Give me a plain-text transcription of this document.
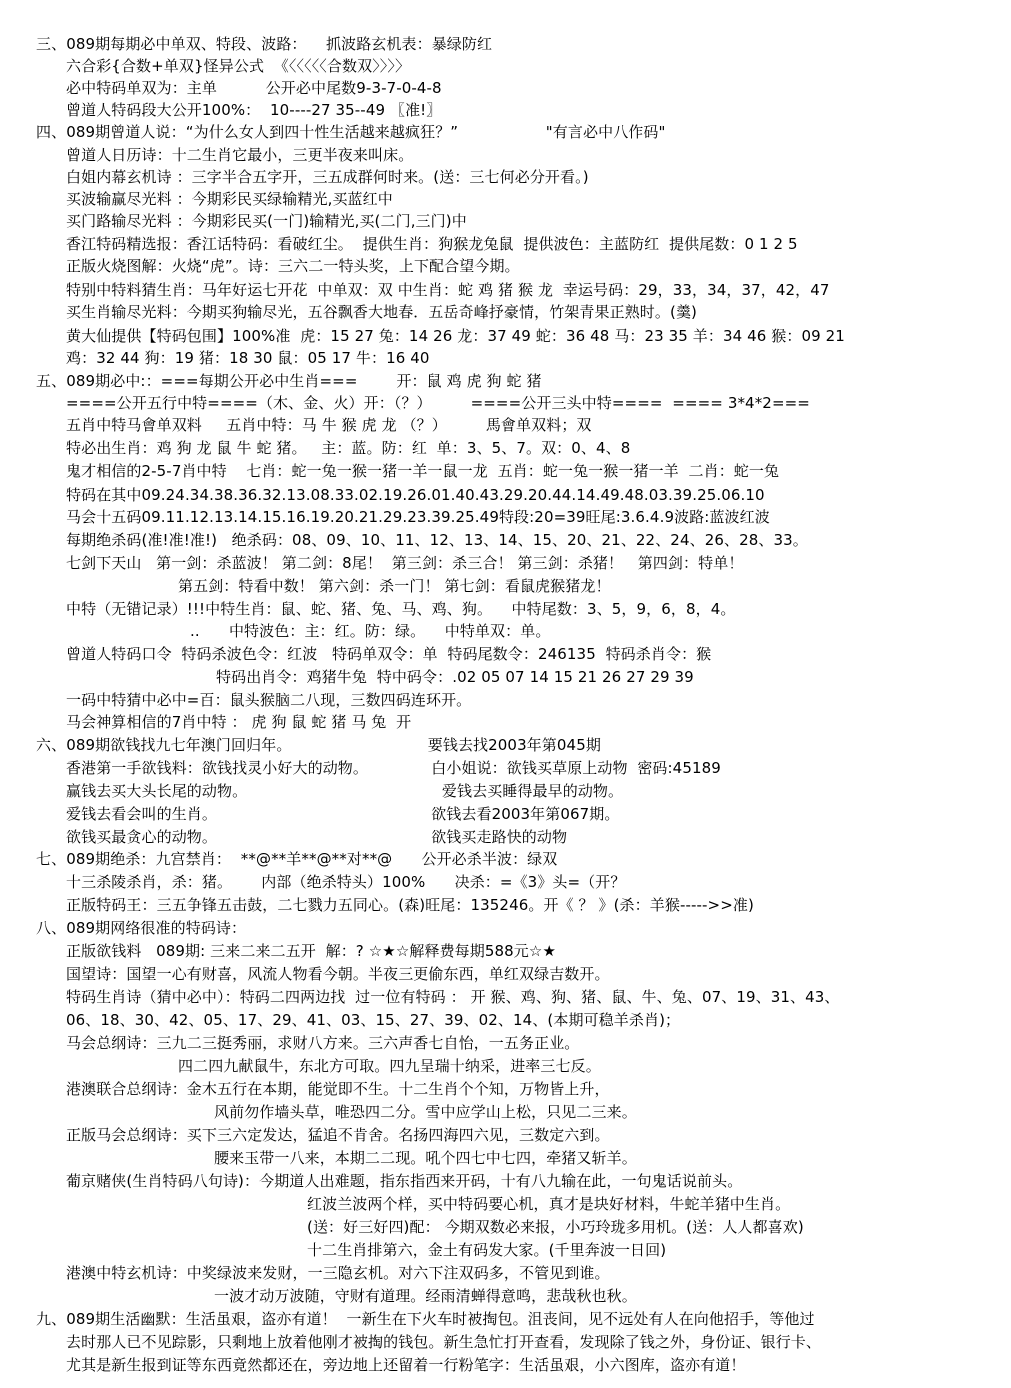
三、089期每期必中单双、特段、波路：    抓波路玄机表：暴绿防红
六合彩{合数+单双}怪异公式  《〈〈〈〈〈合数双〉〉〉〉
必中特码单双为：主单          公开必中尾数9-3-7-0-4-8
曾道人特码段大公开100%：  10----27 35--49 〖准!〗
四、089期曾道人说：“为什么女人到四十性生活越来越疯狂？”                  "有言必中八作码"
曾道人日历诗：十二生肖它最小，三更半夜来叫床。
白姐内幕玄机诗 ：三字半合五字开，三五成群何时来。(送：三七何必分开看。)
买波输赢尽光料 ：今期彩民买绿输精光,买蓝红中
买门路输尽光料 ：今期彩民买(一门)输精光,买(二门,三门)中
香江特码精选报：香江话特码：看破红尘。  提供生肖：狗猴龙兔鼠  提供波色：主蓝防红  提供尾数：0 1 2 5
正版火烧图解：火烧“虎”。诗：三六二一特头奖，上下配合望今期。
特别中特料猜生肖：马年好运七开花  中单双：双 中生肖：蛇 鸡 猪 猴 龙  幸运号码：29，33，34，37，42，47
买生肖输尽光料：今期买狗输尽光，五谷飘香大地春．五岳奇峰抒豪情，竹架青果正熟时。(羹)
黄大仙提供【特码包围】100%准  虎：15 27 兔：14 26 龙：37 49 蛇：36 48 马：23 35 羊：34 46 猴：09 21
鸡：32 44 狗：19 猪：18 30 鼠：05 17 牛：16 40
五、089期必中:：===每期公开必中生肖===        开：鼠 鸡 虎 狗 蛇 猪
====公开五行中特====（木、金、火）开：（？）        ====公开三头中特====  ==== 3*4*2===
五肖中特马會单双料     五肖中特：马 牛 猴 虎 龙 （？）        馬會单双料；双
特必出生肖：鸡 狗 龙 鼠 牛 蛇 猪。   主：蓝。防：红  单：3、5、7。双：0、4、8
鬼才相信的2-5-7肖中特    七肖：蛇一兔一猴一猪一羊一鼠一龙  五肖：蛇一兔一猴一猪一羊  二肖：蛇一兔
特码在其中09.24.34.38.36.32.13.08.33.02.19.26.01.40.43.29.20.44.14.49.48.03.39.25.06.10
马会十五码09.11.12.13.14.15.16.19.20.21.29.23.39.25.49特段:20=39旺尾:3.6.4.9波路:蓝波红波
每期绝杀码(准!准!准!)   绝杀码：08、09、10、11、12、13、14、15、20、21、22、24、26、28、33。
七剑下天山   第一剑：杀蓝波！ 第二剑：8尾！  第三剑：杀三合！ 第三剑：杀猪！   第四剑：特单！
第五剑：特看中数！ 第六剑：杀一门！ 第七剑：看鼠虎猴猪龙！
中特（无错记录）!!!中特生肖：鼠、蛇、猪、兔、马、鸡、狗。    中特尾数：3、5，9，6，8，4。
..      中特波色：主：红。防：绿。    中特单双：单。
曾道人特码口令  特码杀波色令：红波   特码单双令：单  特码尾数令：246135  特码杀肖令：猴
特码出肖令：鸡猪牛兔  特中码令：.02 05 07 14 15 21 26 27 29 39
一码中特猜中必中=百：鼠头猴脑二八现，三数四码连环开。
马会神算相信的7肖中特 ： 虎 狗 鼠 蛇 猪 马 兔  开
六、089期欲钱找九七年澳门回归年。                            要钱去找2003年第045期
香港第一手欲钱料：欲钱找灵小好大的动物。             白小姐说：欲钱买草原上动物  密码:45189
赢钱去买大头长尾的动物。                                        爱钱去买睡得最早的动物。
爱钱去看会叫的生肖。                                            欲钱去看2003年第067期。
欲钱买最贪心的动物。                                            欲钱买走路快的动物
七、089期绝杀：九宫禁肖：  **@**羊**@**对**@      公开必杀半波：绿双
十三杀陵杀肖，杀：猪。      内部（绝杀特头）100%      决杀：=《3》头=（开？
正版特码王：三五争锋五击鼓，二七戮力五同心。(森)旺尾：135246。开《 ？ 》(杀：羊猴----->>准)
八、089期网络很准的特码诗：
正版欲钱料   089期: 三来二来二五开  解：? ☆★☆解释费每期588元☆★
国望诗：国望一心有财喜，风流人物看今朝。半夜三更偷东西，单红双绿吉数开。
特码生肖诗（猜中必中）：特码二四两边找  过一位有特码 ： 开 猴、鸡、狗、猪、鼠、牛、兔、07、19、31、43、
06、18、30、42、05、17、29、41、03、15、27、39、02、14、(本期可稳羊杀肖)；
马会总纲诗：三九二三挺秀丽，求财八方来。三六声香七自怡，一五务正业。
四二四九献鼠牛，东北方可取。四九呈瑞十纳采，进率三七反。
港澳联合总纲诗：金木五行在本期，能觉即不生。十二生肖个个知，万物皆上升，
风前勿作墙头草，唯恐四二分。雪中应学山上松，只见二三来。
正版马会总纲诗：买下三六定发达，猛追不肯舍。名扬四海四六见，三数定六到。
腰来玉带一八来，本期二二现。吼个四七中七四，牵猪又斩羊。
葡京赌侠(生肖特码八句诗)：今期道人出难题，指东指西来开码，十有八九输在此，一句鬼话说前头。
红波兰波两个样，买中特码要心机，真才是块好材料，牛蛇羊猪中生肖。
(送：好三好四)配： 今期双数必来报，小巧玲珑多用机。(送：人人都喜欢)
十二生肖排第六，金土有码发大家。(千里奔波一日回)
港澳中特玄机诗：中奖绿波来发财，一三隐玄机。对六下注双码多，不管见到谁。
一波才动万波随，守财有道理。经雨清蝉得意鸣，悲哉秋也秋。
九、089期生活幽默：生活虽艰，盗亦有道！  一新生在下火车时被掏包。沮丧间，见不远处有人在向他招手，等他过
去时那人已不见踪影，只剩地上放着他刚才被掏的钱包。新生急忙打开查看，发现除了钱之外，身份证、银行卡、
尤其是新生报到证等东西竟然都还在，旁边地上还留着一行粉笔字：生活虽艰，小六图库，盗亦有道！
